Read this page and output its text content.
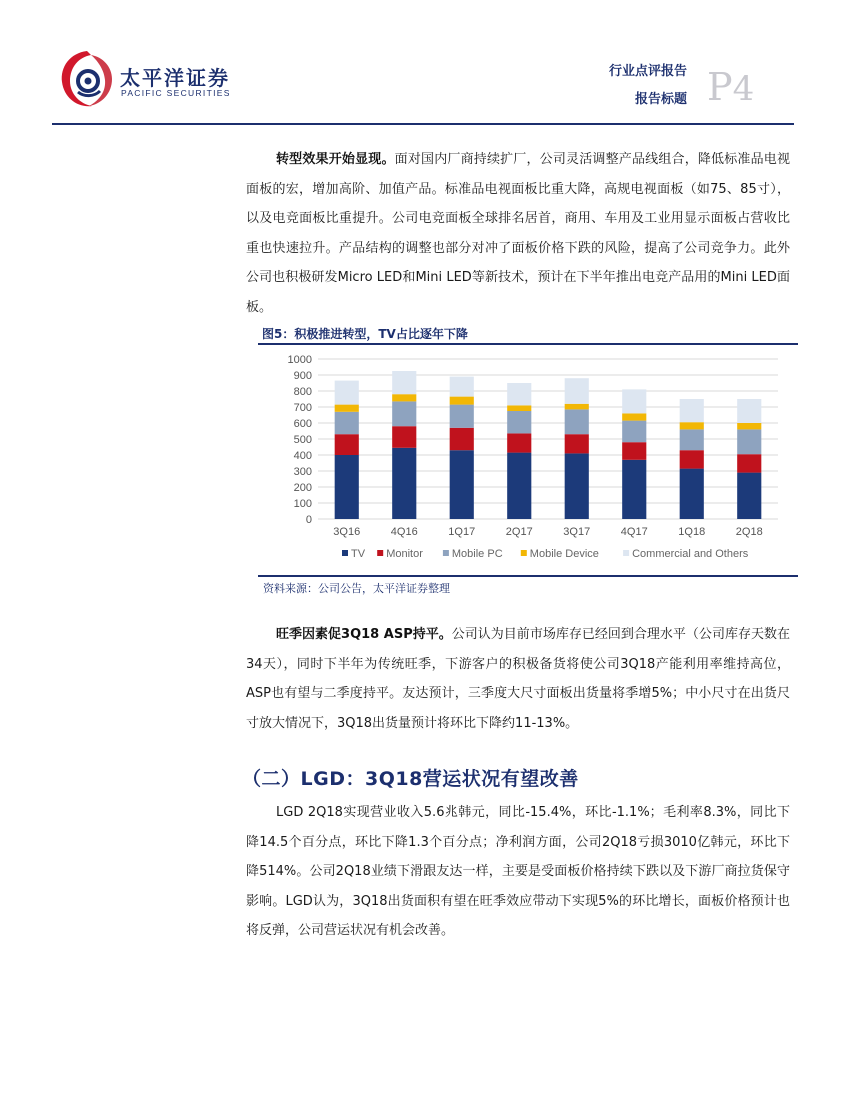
太平洋证券
PACIFIC SECURITIES
行业点评报告
报告标题 P4

转型效果开始显现。面对国内厂商持续扩厂，公司灵活调整产品线组合，降低标准品电视面板的宏，增加高阶、加值产品。标准品电视面板比重大降，高规电视面板（如75、85寸），以及电竞面板比重提升。公司电竞面板全球排名居首，商用、车用及工业用显示面板占营收比重也快速拉升。产品结构的调整也部分对冲了面板价格下跌的风险，提高了公司竞争力。此外公司也积极研发Micro LED和Mini LED等新技术，预计在下半年推出电竞产品用的Mini LED面板。

图5：积极推进转型，TV占比逐年下降
0
100
200
300
400
500
600
700
800
900
1000
3Q16	4Q16	1Q17	2Q17	3Q17	4Q17	1Q18	2Q18
TV Monitor	Mobile PC Mobile Device	Commercial and Others
资料来源：公司公告，太平洋证券整理

旺季因素促3Q18 ASP持平。公司认为目前市场库存已经回到合理水平（公司库存天数在34天），同时下半年为传统旺季，下游客户的积极备货将使公司3Q18产能利用率维持高位，ASP也有望与二季度持平。友达预计，三季度大尺寸面板出货量将季增5%；中小尺寸在出货尺寸放大情况下，3Q18出货量预计将环比下降约11-13%。

（二）LGD：3Q18营运状况有望改善

LGD 2Q18实现营业收入5.6兆韩元，同比-15.4%，环比-1.1%；毛利率8.3%，同比下降14.5个百分点，环比下降1.3个百分点；净利润方面，公司2Q18亏损3010亿韩元，环比下降514%。公司2Q18业绩下滑跟友达一样，主要是受面板价格持续下跌以及下游厂商拉货保守影响。LGD认为，3Q18出货面积有望在旺季效应带动下实现5%的环比增长，面板价格预计也将反弹，公司营运状况有机会改善。
